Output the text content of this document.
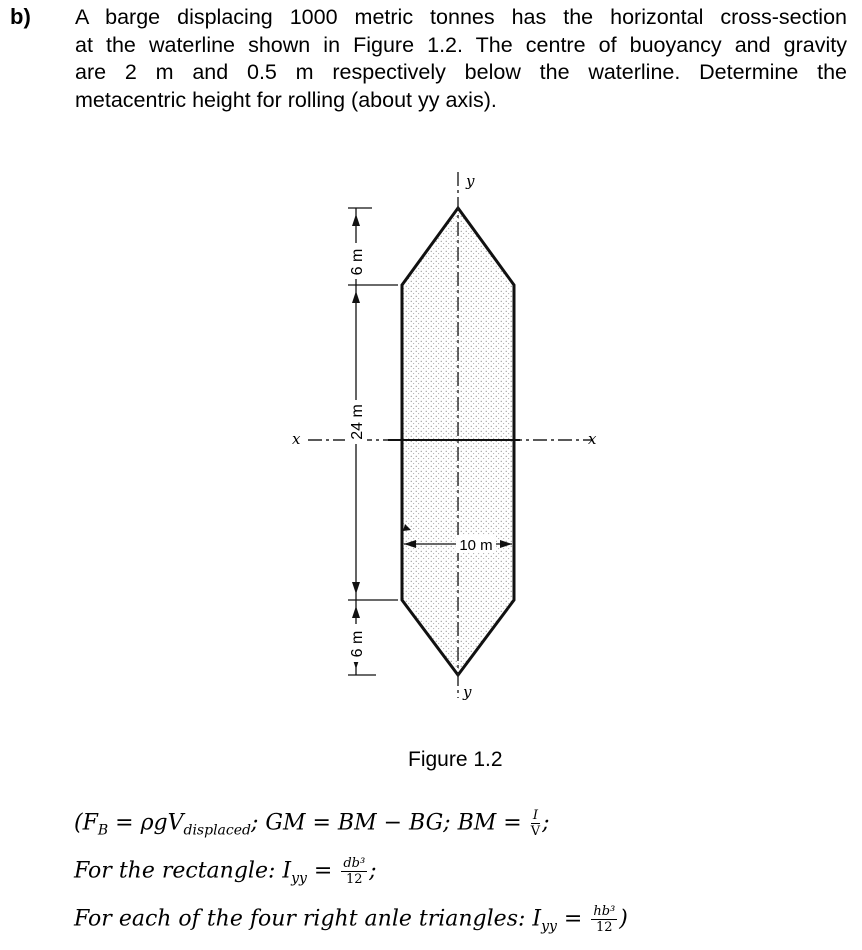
b) A barge displacing 1000 metric tonnes has the horizontal cross-section
at the waterline shown in Figure 1.2. The centre of buoyancy and gravity
are 2 m and 0.5 m respectively below the waterline. Determine the
metacentric height for rolling (about yy axis).
6 m
24 m
6 m
10 m
y
y
x	x
Figure 1.2
($F_B = \rho gV_{displaced}$; GM = BM − BG; BM = $\frac{I}{V}$ ;
For the rectangle: $I_{yy} = \frac{\text{db³}}{12}$ ;
For each of the four right anle triangles: $I_{yy} = \frac{\text{hb³}}{12}$ )
